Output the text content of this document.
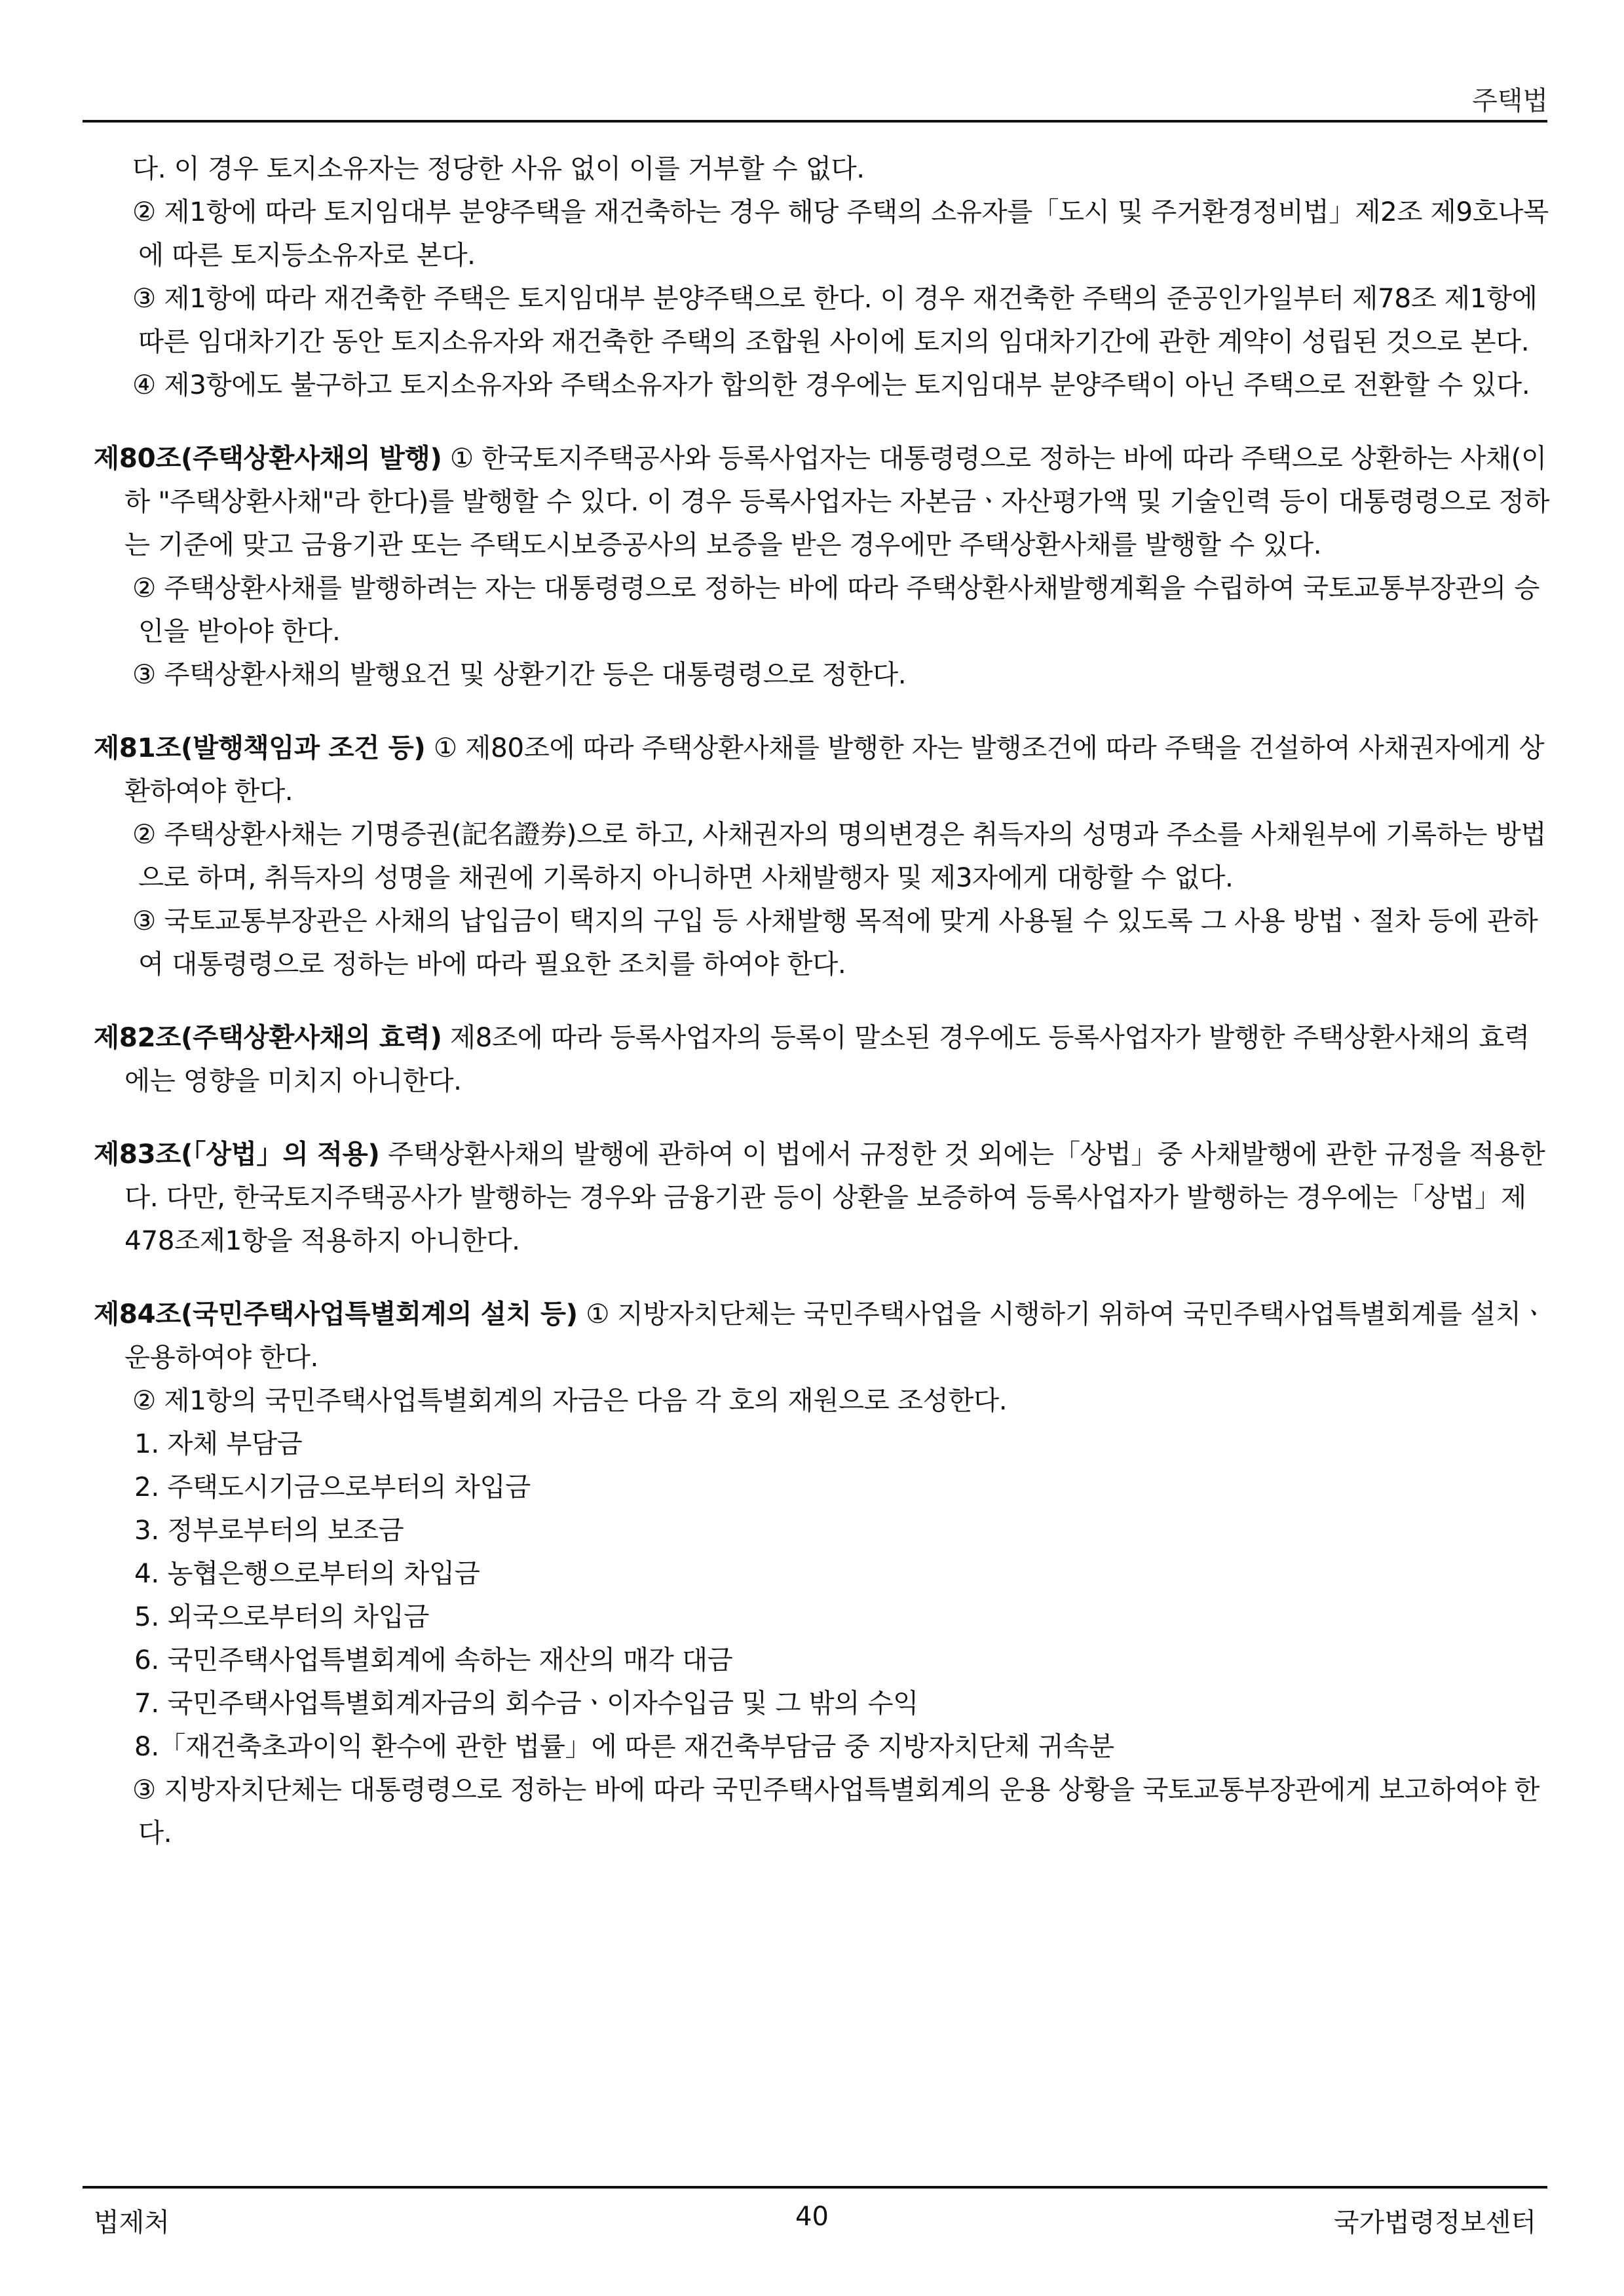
주택법
다. 이 경우 토지소유자는 정당한 사유 없이 이를 거부할 수 없다.
② 제1항에 따라 토지임대부 분양주택을 재건축하는 경우 해당 주택의 소유자를「도시 및 주거환경정비법」제2조 제9호나목에 따른 토지등소유자로 본다.
③ 제1항에 따라 재건축한 주택은 토지임대부 분양주택으로 한다. 이 경우 재건축한 주택의 준공인가일부터 제78조 제1항에 따른 임대차기간 동안 토지소유자와 재건축한 주택의 조합원 사이에 토지의 임대차기간에 관한 계약이 성립된 것으로 본다.
④ 제3항에도 불구하고 토지소유자와 주택소유자가 합의한 경우에는 토지임대부 분양주택이 아닌 주택으로 전환할 수 있다.
제80조(주택상환사채의 발행) ① 한국토지주택공사와 등록사업자는 대통령령으로 정하는 바에 따라 주택으로 상환하는 사채(이하 "주택상환사채"라 한다)를 발행할 수 있다. 이 경우 등록사업자는 자본금ㆍ자산평가액 및 기술인력 등이 대통령령으로 정하는 기준에 맞고 금융기관 또는 주택도시보증공사의 보증을 받은 경우에만 주택상환사채를 발행할 수 있다.
② 주택상환사채를 발행하려는 자는 대통령령으로 정하는 바에 따라 주택상환사채발행계획을 수립하여 국토교통부장관의 승인을 받아야 한다.
③ 주택상환사채의 발행요건 및 상환기간 등은 대통령령으로 정한다.
제81조(발행책임과 조건 등) ① 제80조에 따라 주택상환사채를 발행한 자는 발행조건에 따라 주택을 건설하여 사채권자에게 상환하여야 한다.
② 주택상환사채는 기명증권(記名證券)으로 하고, 사채권자의 명의변경은 취득자의 성명과 주소를 사채원부에 기록하는 방법으로 하며, 취득자의 성명을 채권에 기록하지 아니하면 사채발행자 및 제3자에게 대항할 수 없다.
③ 국토교통부장관은 사채의 납입금이 택지의 구입 등 사채발행 목적에 맞게 사용될 수 있도록 그 사용 방법ㆍ절차 등에 관하여 대통령령으로 정하는 바에 따라 필요한 조치를 하여야 한다.
제82조(주택상환사채의 효력) 제8조에 따라 등록사업자의 등록이 말소된 경우에도 등록사업자가 발행한 주택상환사채의 효력에는 영향을 미치지 아니한다.
제83조(「상법」의 적용) 주택상환사채의 발행에 관하여 이 법에서 규정한 것 외에는「상법」중 사채발행에 관한 규정을 적용한다. 다만, 한국토지주택공사가 발행하는 경우와 금융기관 등이 상환을 보증하여 등록사업자가 발행하는 경우에는「상법」제478조제1항을 적용하지 아니한다.
제84조(국민주택사업특별회계의 설치 등) ① 지방자치단체는 국민주택사업을 시행하기 위하여 국민주택사업특별회계를 설치ㆍ운용하여야 한다.
② 제1항의 국민주택사업특별회계의 자금은 다음 각 호의 재원으로 조성한다.
1. 자체 부담금
2. 주택도시기금으로부터의 차입금
3. 정부로부터의 보조금
4. 농협은행으로부터의 차입금
5. 외국으로부터의 차입금
6. 국민주택사업특별회계에 속하는 재산의 매각 대금
7. 국민주택사업특별회계자금의 회수금ㆍ이자수입금 및 그 밖의 수익
8.「재건축초과이익 환수에 관한 법률」에 따른 재건축부담금 중 지방자치단체 귀속분
③ 지방자치단체는 대통령령으로 정하는 바에 따라 국민주택사업특별회계의 운용 상황을 국토교통부장관에게 보고하여야 한다.
법제처	40	국가법령정보센터
